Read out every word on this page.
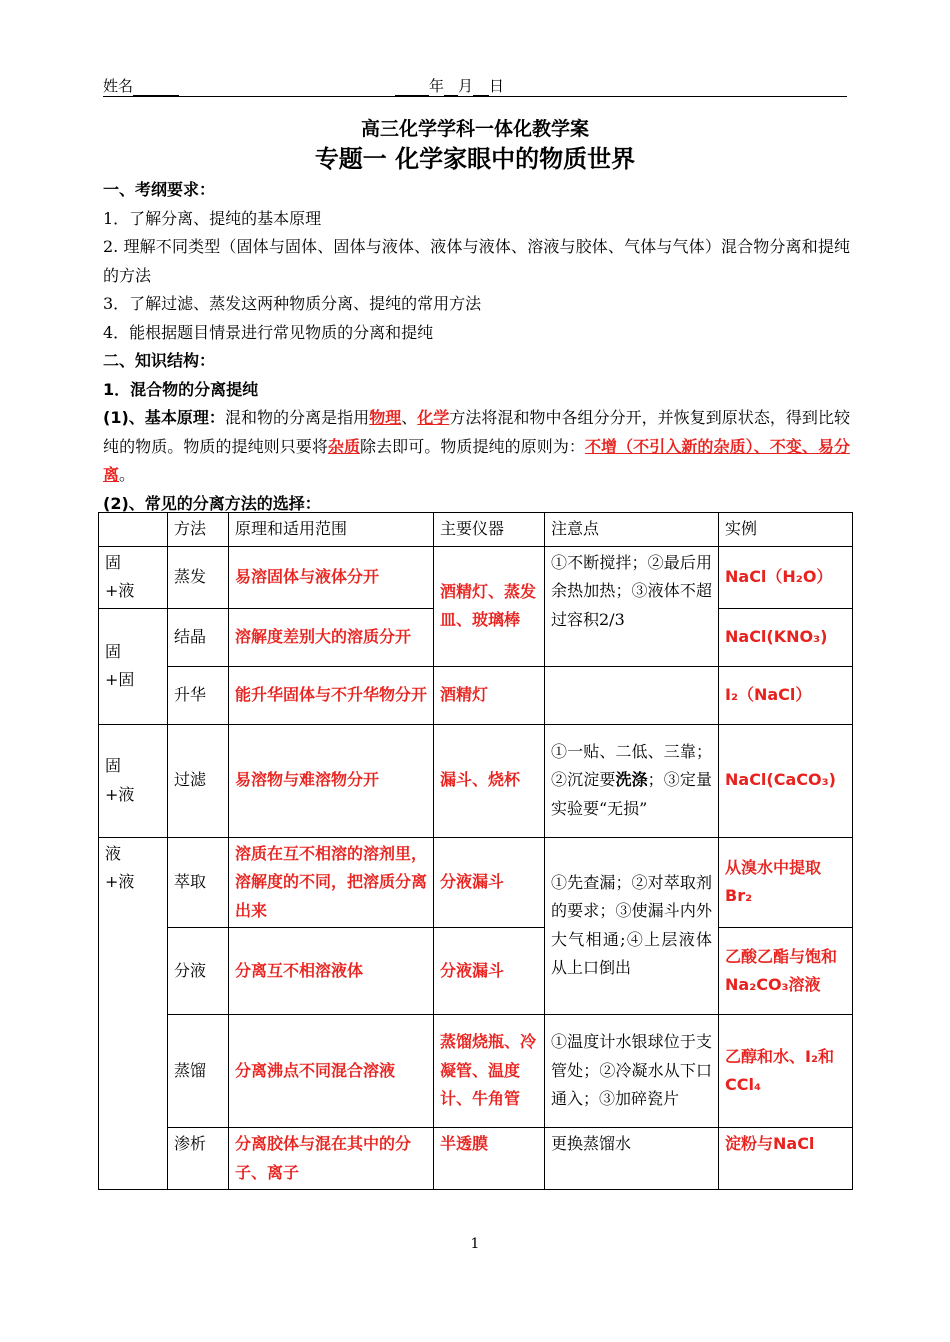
姓名	年 月 日
高三化学学科一体化教学案
专题一 化学家眼中的物质世界

一、考纲要求：

1．了解分离、提纯的基本原理

2. 理解不同类型（固体与固体、固体与液体、液体与液体、溶液与胶体、气体与气体）混合物分离和提纯的方法

3．了解过滤、蒸发这两种物质分离、提纯的常用方法

4．能根据题目情景进行常见物质的分离和提纯

二、知识结构：

1．混合物的分离提纯

(1)、基本原理：混和物的分离是指用物理、化学方法将混和物中各组分分开，并恢复到原状态，得到比较纯的物质。物质的提纯则只要将杂质除去即可。物质提纯的原则为：不增（不引入新的杂质）、不变、易分离。

(2)、常见的分离方法的选择：

	方法	原理和适用范围	主要仪器	注意点	实例
固　+液	蒸发	易溶固体与液体分开	酒精灯、蒸发皿、玻璃棒	①不断搅拌；②最后用余热加热；③液体不超过容积2/3	NaCl（H₂O）
固　+固	结晶	溶解度差别大的溶质分开			NaCl(KNO₃)
	升华	能升华固体与不升华物分开	酒精灯		I₂（NaCl）
固　+液	过滤	易溶物与难溶物分开	漏斗、烧杯	①一贴、二低、三靠；②沉淀要洗涤；③定量实验要“无损”	NaCl(CaCO₃)
液　+液	萃取	溶质在互不相溶的溶剂里，溶解度的不同，把溶质分离出来	分液漏斗	①先查漏；②对萃取剂的要求；③使漏斗内外大气相通;④上层液体从上口倒出	从溴水中提取Br₂
	分液	分离互不相溶液体	分液漏斗		乙酸乙酯与饱和Na₂CO₃溶液
	蒸馏	分离沸点不同混合溶液	蒸馏烧瓶、冷凝管、温度计、牛角管	①温度计水银球位于支管处；②冷凝水从下口通入；③加碎瓷片	乙醇和水、I₂和CCl₄
	渗析	分离胶体与混在其中的分子、离子	半透膜	更换蒸馏水	淀粉与NaCl
1
